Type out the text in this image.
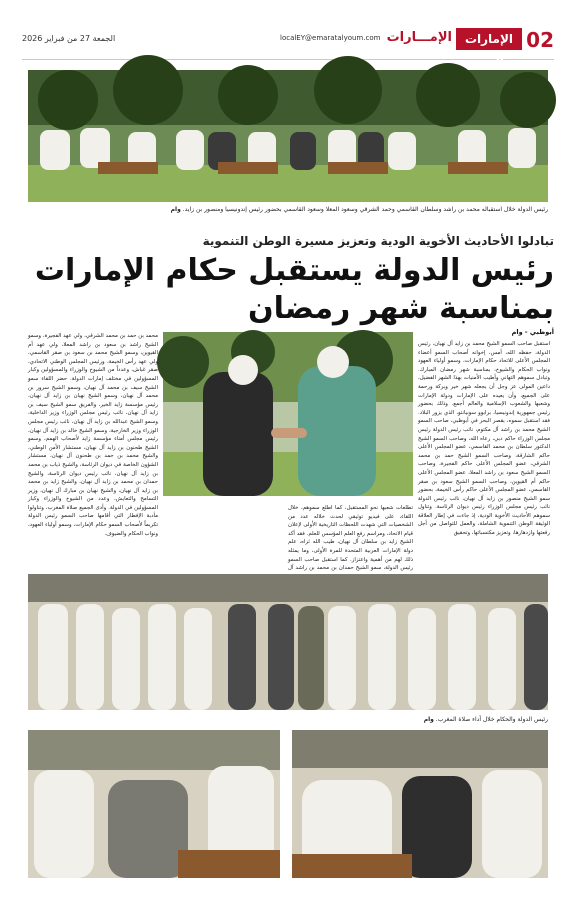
02
الإمارات اليوم
الإمـــارات
localEY@emaratalyoum.com
الجمعة 27 من فبراير 2026
رئيس الدولة خلال استقباله محمد بن راشد وسلطان القاسمي وحمد الشرقي وسعود المعلا وسعود القاسمي بحضور رئيس إندونيسيا ومنصور بن زايد. وام
تبادلوا الأحاديث الأخوية الودية وتعزيز مسيرة الوطن التنموية
رئيس الدولة يستقبل حكام الإمارات
بمناسبة شهر رمضان
أبوظبي - وام
استقبل صاحب السمو الشيخ محمد بن زايد آل نهيان، رئيس الدولة، حفظه الله، أمس، إخوانه أصحاب السمو أعضاء المجلس الأعلى للاتحاد حكام الإمارات، وسمو أولياء العهود ونواب الحكام والشيوخ، بمناسبة شهر رمضان المبارك. وتبادل سموهم التهاني وأطيب الأمنيات بهذا الشهر الفضيل، داعين المولى عز وجل أن يجعله شهر خير وبركة ورحمة على الجميع، وأن يعيده على الإمارات ودولة الإمارات وشعبها والشعوب الإسلامية والعالم أجمع. وذلك بحضور رئيس جمهورية إندونيسيا، برابوو سوبيانتو، الذي يزور البلاد. فقد استقبل سموه، بقصر البحر في أبوظبي، صاحب السمو الشيخ محمد بن راشد آل مكتوم، نائب رئيس الدولة رئيس مجلس الوزراء حاكم دبي، رعاه الله، وصاحب السمو الشيخ الدكتور سلطان بن محمد القاسمي، عضو المجلس الأعلى حاكم الشارقة، وصاحب السمو الشيخ حمد بن محمد الشرقي، عضو المجلس الأعلى حاكم الفجيرة، وصاحب السمو الشيخ سعود بن راشد المعلا، عضو المجلس الأعلى حاكم أم القيوين، وصاحب السمو الشيخ سعود بن صقر القاسمي، عضو المجلس الأعلى حاكم رأس الخيمة، بحضور سمو الشيخ منصور بن زايد آل نهيان، نائب رئيس الدولة نائب رئيس مجلس الوزراء رئيس ديوان الرئاسة. وتناول سموهم الأحاديث الأخوية الودية، إذ جاءت في إطار العلاقة الوثيقة الوطن التنموية الشاملة، والعمل للتواصل من أجل رفعتها وازدهارها، وتعزيز مكتسباتها، وتحقيق
تطلعات شعبها نحو المستقبل، كما اطلع سموهم، خلال اللقاء، على فيديو توثيقي لحدث خلاله عدد من الشخصيات التي شهدت اللحظات التاريخية الأولى لإعلان قيام الاتحاد، ومراسم رفع العلم المؤسس للعلم. فقد أكد الشيخ زايد بن سلطان آل نهيان، طيب الله ثراه، علم دولة الإمارات العربية المتحدة للمرة الأولى، وما يمثله ذلك لهم من أهمية واعتزاز. كما استقبل صاحب السمو رئيس الدولة، سمو الشيخ حمدان بن محمد بن راشد آل
محمد بن حمد بن محمد الشرقي، ولي عهد الفجيرة، وسمو الشيخ راشد بن سعود بن راشد المعلا، ولي عهد أم القيوين، وسمو الشيخ محمد بن سعود بن صقر القاسمي، ولي عهد رأس الخيمة، ورئيس المجلس الوطني الاتحادي، صقر غباش، وعدداً من الشيوخ والوزراء والمسؤولين وكبار المسؤولين في مختلف إمارات الدولة. حضر اللقاء سمو الشيخ سيف بن محمد آل نهيان، وسمو الشيخ سرور بن محمد آل نهيان، وسمو الشيخ نهيان بن زايد آل نهيان، رئيس مؤسسة زايد الخير، والفريق سمو الشيخ سيف بن زايد آل نهيان، نائب رئيس مجلس الوزراء وزير الداخلية، وسمو الشيخ عبدالله بن زايد آل نهيان، نائب رئيس مجلس الوزراء وزير الخارجية، وسمو الشيخ خالد بن زايد آل نهيان، رئيس مجلس أمناء مؤسسة زايد لأصحاب الهمم، وسمو الشيخ طحنون بن زايد آل نهيان، مستشار الأمن الوطني، والشيخ محمد بن حمد بن طحنون آل نهيان، مستشار الشؤون الخاصة في ديوان الرئاسة، والشيخ ذياب بن محمد بن زايد آل نهيان، نائب رئيس ديوان الرئاسة، والشيخ حمدان بن محمد بن زايد آل نهيان، والشيخ زايد بن محمد بن زايد آل نهيان، والشيخ نهيان بن مبارك آل نهيان، وزير التسامح والتعايش، وعدد من الشيوخ والوزراء وكبار المسؤولين في الدولة. وأدى الجميع صلاة المغرب، وتناولوا مأدبة الإفطار التي أقامها صاحب السمو رئيس الدولة تكريماً لأصحاب السمو حكام الإمارات، وسمو أولياء العهود، ونواب الحكام والضيوف.
رئيس الدولة والحكام خلال أداء صلاة المغرب. وام
